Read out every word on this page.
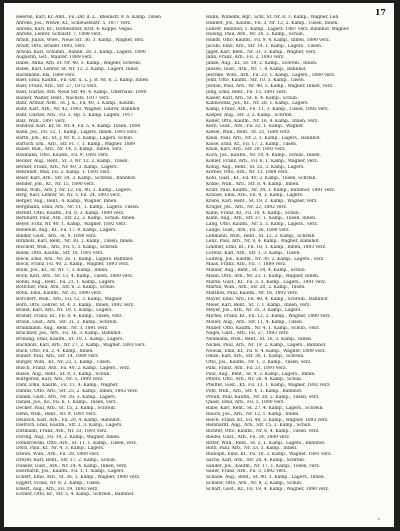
17
Heeren, Karl, Kr.-Amt., Fil.-Dir. d. L., Rheinstr. 9. 6. Kamp. Tilsen
Ahrens, Jos., Witwe, Kf., Schleusenstr. 5, 1877 verz.
Ahrens, Karl, Kr., Hofbesitzer, Krst. 4. Koppe, Vegas.
Ahrens, Lehrer, Schulstr. 7, 1898 verz.
Arndt, Julius, Wwe., Neue Str. 36, 3. Kamp., Wagner, Brd.
Arndt, Otto, Bruder 1893, verz.
Arnold, Karl, Schuhm., Bahnh. 28, 2. Kamp., Lagers. 1890
Augustin, Gst., Maurer, 1889 verz.
Babel, Anna, Arb. St. Nr. 40, 3. Kamp., Wagner, Schreib.
Babel, Karl, Lehrer, St. Nr. 12, 2. Kamp., Lagers. Inner.
Bachmann, Ida, 1889 verz.
Baer, Emil, Kaufm., Fil.-Dir. u. L. J. R. Nr. 8, 2. Kamp. Innen
Baer, Franz, Arb., Str. 27, 1872 verz.
Baer, Gustav, Arb. Neue Str. 40, 4. Kamp., Oberhaus. 1890
Bäcker, Walter, Rent., Nachsts. 1917 verz.
Bähr, Arthur, Arbt., St. J. K., Fil. 40, 3. Kamp., Kaufm.
Bähr, Karl, Arb., Nr. 42, 1893, Wagner, Lehrer, Bahnhof
Bahr, Gustav, Arb., Fil. 3, Hp. 5. Kamp. Lagers. 1917
Balz, Wilh., 1897 verz.
Bandow, Karl, Kr. St. Nr. 4, Fil. 5, 4. Kamp. Tilsen. 1890
Bank, Jos., Fil. 12, 1. Kamp., Lagers. Innen. 1893 verz.
Barth, Joh., Kf., St. J. Nr. 8, 2. Kamp., Lagers. Schub.
Bartsch, Em., Arb., Str. Fl. 7, 1. Kamp., Wagner. 1889
Bauer, Rud., Arb., Nr. 14, 3. Kamp., Innen. verz.
Baumann, Otto, Kaufm., Fil. 9, 1892 verz.
Becker, Aug., Rent., St. 3, Nr. 12, 2. Kamp., Tilsen.
Becker, Franz, Arb., Nr. 40, 3. Kamp., Lagers.
Behrendt, Max, Fil. 2, Kamp. 1. 1891 verz.
Beier, Karl, Arb., Str. 34, 3. Kamp., Schreib., Bahnhof.
Bender, Joh., Kf., Nr. 15, 1890 verz.
Benz, Wilh., Arb. J. Nr. 12, Fil. 40, 2. Kamp., Lagers.
Berg, Karl, Lehrer, St. Nr. 5, Fil. 24, 1893 verz.
Berger, Aug., Rent., 4. Kamp., Wagner, Innen.
Bergmann, Emil, Arb., Nr. 11, 1. Kamp., Lagers. Tilsen.
Berndt, Otto, Kaufm., Fil. 8, 3. Kamp. 1889 verz.
Bernhard, Paul, Arb., Str. 22, 2. Kamp., Schub. Innen.
Beyer, Fritz, Nr. 40, 1. Kamp., Wagner, 1892 verz.
Bielefeld, Aug., Kf., Fil. 17, 4. Kamp., Lagers.
Binder, Gust., Arb., St. 9, 1890 verz.
Birkholz, Karl, Rent., Nr. 30, 2. Kamp., Tilsen, Innen.
Bischoff, Wilh., Arb., Fil. 5, 3. Kamp., Schreib.
Blank, Otto, Kaufm., Str. 18, 1891 verz.
Bleck, Emil, Arb., Nr. 26, 1. Kamp., Lagers. Bahnhof.
Block, Franz, Fil. 40, 2. Kamp., Wagner, 1893 verz.
Blum, Jos., Kf., St. Nr. 7, 3. Kamp., Innen.
Bock, Karl, Arb., Nr. 13, 4. Kamp., Tilsen, 1889 verz.
Böhm, Aug., Rent., Fil. 21, 1. Kamp., Lagers.
Böttcher, Paul, Arb., Str. 6, 2. Kamp., Schub.
Bohn, Emil, Kaufm., Nr. 35, 1890 verz.
Borchert, Wilh., Arb., Fil. 12, 3. Kamp., Wagner.
Born, Otto, Lehrer, St. 4, 2. Kamp., Innen, 1892 verz.
Brand, Karl, Arb., Nr. 19, 1. Kamp., Lagers.
Brandt, Franz, Kf., Fil. 8, 4. Kamp., Tilsen, verz.
Braun, Gust., Arb., Str. 31, 2. Kamp., Schreib.
Brinkmann, Aug., Rent., Nr. 3, 1891 verz.
Brückner, Jos., Arb., Fil. 16, 3. Kamp., Bahnhof.
Brüning, Emil, Kaufm., St. 10, 1. Kamp., Lagers.
Buchholz, Karl, Arb., Nr. 27, 2. Kamp., Wagner, 1893 verz.
Buck, Otto, Fil. 2, 4. Kamp., Innen.
Bühler, Paul, Arb., Str. 14, 1889 verz.
Bürger, Wilh., Kf., Nr. 22, 3. Kamp., Tilsen.
Busch, Franz, Arb., Fil. 40, 2. Kamp., Lagers., verz.
Busse, Aug., Rent., St. 8, 1. Kamp., Schub.
Buttgereit, Karl, Arb., Nr. 5, 1890 verz.
Dahl, Emil, Kaufm., Fil. 11, 4. Kamp., Wagner.
Dahms, Otto, Arb., Str. 25, 2. Kamp., Innen, 1892 verz.
Damm, Gust., Arb., Nr. 38, 3. Kamp., Lagers.
Daniel, Jos., Kf., Fil. 6, 1. Kamp., Tilsen, verz.
Decker, Paul, Arb., St. 15, 2. Kamp., Schreib.
Dehn, Wilh., Rent., Nr. 9, 1891 verz.
Deutsch, Karl, Arb., Fil. 20, 4. Kamp., Bahnhof.
Dietrich, Emil, Kaufm., Str. 2, 3. Kamp., Lagers.
Dittmann, Franz, Arb., Nr. 33, 1893 verz.
Döring, Aug., Fil. 14, 2. Kamp., Wagner, Innen.
Dombrowski, Otto, Arb., St. 11, 1. Kamp., Tilsen, verz.
Dorn, Paul, Kf., Nr. 4, 3. Kamp., Lagers.
Drews, Wilh., Arb., Fil. 29, 1889 verz.
Dreyer, Karl, Rent., Str. 17, 2. Kamp., Schub.
Dunker, Gust., Arb., Nr. 24, 4. Kamp., Innen, verz.
Eberhardt, Jos., Kaufm., Fil. 1, 1. Kamp., Lagers.
Eckert, Emil, Arb., St. 36, 3. Kamp., Wagner, 1890 verz.
Eggert, Franz, Nr. 8, 2. Kamp., Tilsen.
Ehlert, Aug., Arb., Fil. 19, 1892 verz.
Eichler, Otto, Kf., Str. 5, 4. Kamp., Schreib., Bahnhof.
Huhn, Wilhelm, Bgr., Schl. St. Nr. 8, 3. Kamp., Wagner, Leh.
Hübner, Jos., Kaufm., Fil. 3, Nr. 12, 2. Kamp., Tilsen, Innen.
Lehrer, Bahnhof, 1. Kamp., Lagers. 1887 verz. Bahnhof, Wagner.
Hüsing, Paul, Arb., Nr. 26, 2. Kamp., Schub.
Hundt, Otto, Kaufm., Fil. 9, 4. Kamp., Innen, 1890 verz.
Jacobi, Emil, Arb., Str. 14, 1. Kamp., Lagers., Tilsen.
Jäger, Karl, Rent., Nr. 31, 3. Kamp., Wagner, verz.
Jahn, Franz, Arb., Fil. 2, 1893 verz.
Janke, Aug., Kf., St. 18, 2. Kamp., Schreib., Innen.
Jansen, Gust., Arb., Nr. 7, 4. Kamp., Bahnhof.
Jeschke, Wilh., Arb., Fil. 23, 1. Kamp., Lagers., 1889 verz.
John, Otto, Kaufm., Str. 10, 3. Kamp., Tilsen.
Jordan, Paul, Arb., Nr. 40, 2. Kamp., Wagner, Innen, verz.
Jung, Emil, Rent., Fil. 15, 1891 verz.
Kaiser, Karl, Arb., St. 6, 4. Kamp., Schub.
Kalinowski, Jos., Kf., Nr. 28, 1. Kamp., Lagers.
Kamp, Franz, Arb., Fil. 11, 3. Kamp., Tilsen, 1892 verz.
Kasper, Aug., Str. 3, 2. Kamp., Schreib.
Keller, Otto, Kaufm., Nr. 16, 4. Kamp., Innen, verz.
Kern, Gust., Arb., Fil. 32, 1. Kamp., Wagner.
Kiesel, Wilh., Rent., St. 21, 1890 verz.
Klein, Paul, Arb., Nr. 2, 3. Kamp., Lagers., Bahnhof.
Klose, Emil, Kf., Fil. 17, 2. Kamp., Tilsen.
Knoll, Karl, Arb., Str. 29, 1893 verz.
Koch, Jos., Kaufm., Nr. 10, 4. Kamp., Schub., Innen.
Köhler, Franz, Arb., Fil. 6, 1. Kamp., Wagner, verz.
König, Aug., Rent., St. 25, 3. Kamp., Lagers.
Körner, Otto, Arb., Nr. 13, 1889 verz.
Kohl, Gust., Kf., Fil. 40, 2. Kamp., Tilsen, Schreib.
Kolbe, Wilh., Arb., Str. 8, 4. Kamp., Innen.
Kraft, Paul, Kaufm., Nr. 34, 1. Kamp., Bahnhof, 1891 verz.
Krause, Emil, Arb., Fil. 4, 3. Kamp., Lagers.
Krebs, Karl, Rent., St. 19, 2. Kamp., Wagner, verz.
Krüger, Jos., Arb., Nr. 22, 1892 verz.
Kühn, Franz, Kf., Fil. 10, 4. Kamp., Schub.
Kuhn, Aug., Arb., Str. 37, 1. Kamp., Tilsen, Innen.
Lang, Otto, Kaufm., Nr. 5, 3. Kamp., Lagers., verz.
Lange, Gust., Arb., Fil. 26, 1890 verz.
Lehmann, Wilh., Rent., St. 12, 2. Kamp., Schreib.
Lenz, Paul, Arb., Nr. 9, 4. Kamp., Wagner, Bahnhof.
Lindner, Emil, Kf., Fil. 18, 1. Kamp., Innen, 1893 verz.
Lorenz, Karl, Arb., Str. 1, 3. Kamp., Tilsen.
Ludwig, Jos., Kaufm., Nr. 30, 2. Kamp., Lagers., verz.
Maas, Franz, Arb., Fil. 7, 1889 verz.
Mahler, Aug., Rent., St. 14, 4. Kamp., Schub.
Mann, Otto, Arb., Nr. 23, 1. Kamp., Wagner, Innen.
Marks, Gust., Kf., Fil. 3, 3. Kamp., Lagers., 1891 verz.
Martin, Wilh., Arb., Str. 20, 2. Kamp., Tilsen.
Matthes, Paul, Kaufm., Nr. 16, 1892 verz.
Mayer, Emil, Arb., Fil. 40, 4. Kamp., Schreib., Bahnhof.
Meier, Karl, Rent., St. 7, 1. Kamp., Innen, verz.
Meyer, Jos., Arb., Nr. 35, 3. Kamp., Lagers.
Michel, Franz, Kf., Fil. 12, 2. Kamp., Wagner, 1890 verz.
Möller, Aug., Arb., Str. 11, 4. Kamp., Tilsen.
Müller, Otto, Kaufm., Nr. 4, 1. Kamp., Schub., verz.
Nagel, Gust., Arb., Fil. 27, 1893 verz.
Neumann, Wilh., Rent., St. 16, 3. Kamp., Innen.
Nickel, Paul, Arb., Nr. 19, 2. Kamp., Lagers., Bahnhof.
Nowak, Emil, Kf., Fil. 8, 4. Kamp., Wagner, 1889 verz.
Oelze, Karl, Arb., Str. 30, 1. Kamp., Schreib.
Otto, Jos., Kaufm., Nr. 1, 3. Kamp., Tilsen, verz.
Pahl, Franz, Arb., Fil. 21, 1891 verz.
Paul, Aug., Rent., St. 9, 2. Kamp., Lagers., Innen.
Peters, Otto, Arb., Nr. 26, 4. Kamp., Schub.
Pfeiffer, Gust., Kf., Fil. 13, 1. Kamp., Wagner, 1892 verz.
Pohl, Wilh., Arb., Str. 4, 3. Kamp., Bahnhof.
Preuß, Paul, Kaufm., Nr. 38, 2. Kamp., Tilsen, verz.
Quast, Emil, Arb., Fil. 5, 1890 verz.
Rabe, Karl, Rent., St. 27, 4. Kamp., Lagers., Schreib.
Rauch, Jos., Arb., Nr. 12, 1. Kamp., Innen.
Reich, Franz, Kf., Fil. 40, 3. Kamp., Wagner, 1893 verz.
Reinhardt, Aug., Arb., Str. 15, 2. Kamp., Schub.
Richter, Otto, Kaufm., Nr. 6, 4. Kamp., Tilsen, verz.
Riedel, Gust., Arb., Fil. 24, 1889 verz.
Ritter, Wilh., Rent., St. 2, 1. Kamp., Lagers., Bahnhof.
Roth, Paul, Arb., Nr. 33, 3. Kamp., Innen.
Rudolph, Emil, Kf., Fil. 10, 2. Kamp., Wagner, 1891 verz.
Sachs, Karl, Arb., Str. 28, 4. Kamp., Schreib.
Sander, Jos., Kaufm., Nr. 17, 1. Kamp., Tilsen, verz.
Sauer, Franz, Arb., Fil. 3, 1892 verz.
Schade, Aug., Rent., St. 40, 3. Kamp., Lagers., Innen.
Schäfer, Otto, Arb., Nr. 8, 2. Kamp., Schub.
Scharf, Gust., Kf., Fil. 19, 4. Kamp., Wagner, 1890 verz.
2
